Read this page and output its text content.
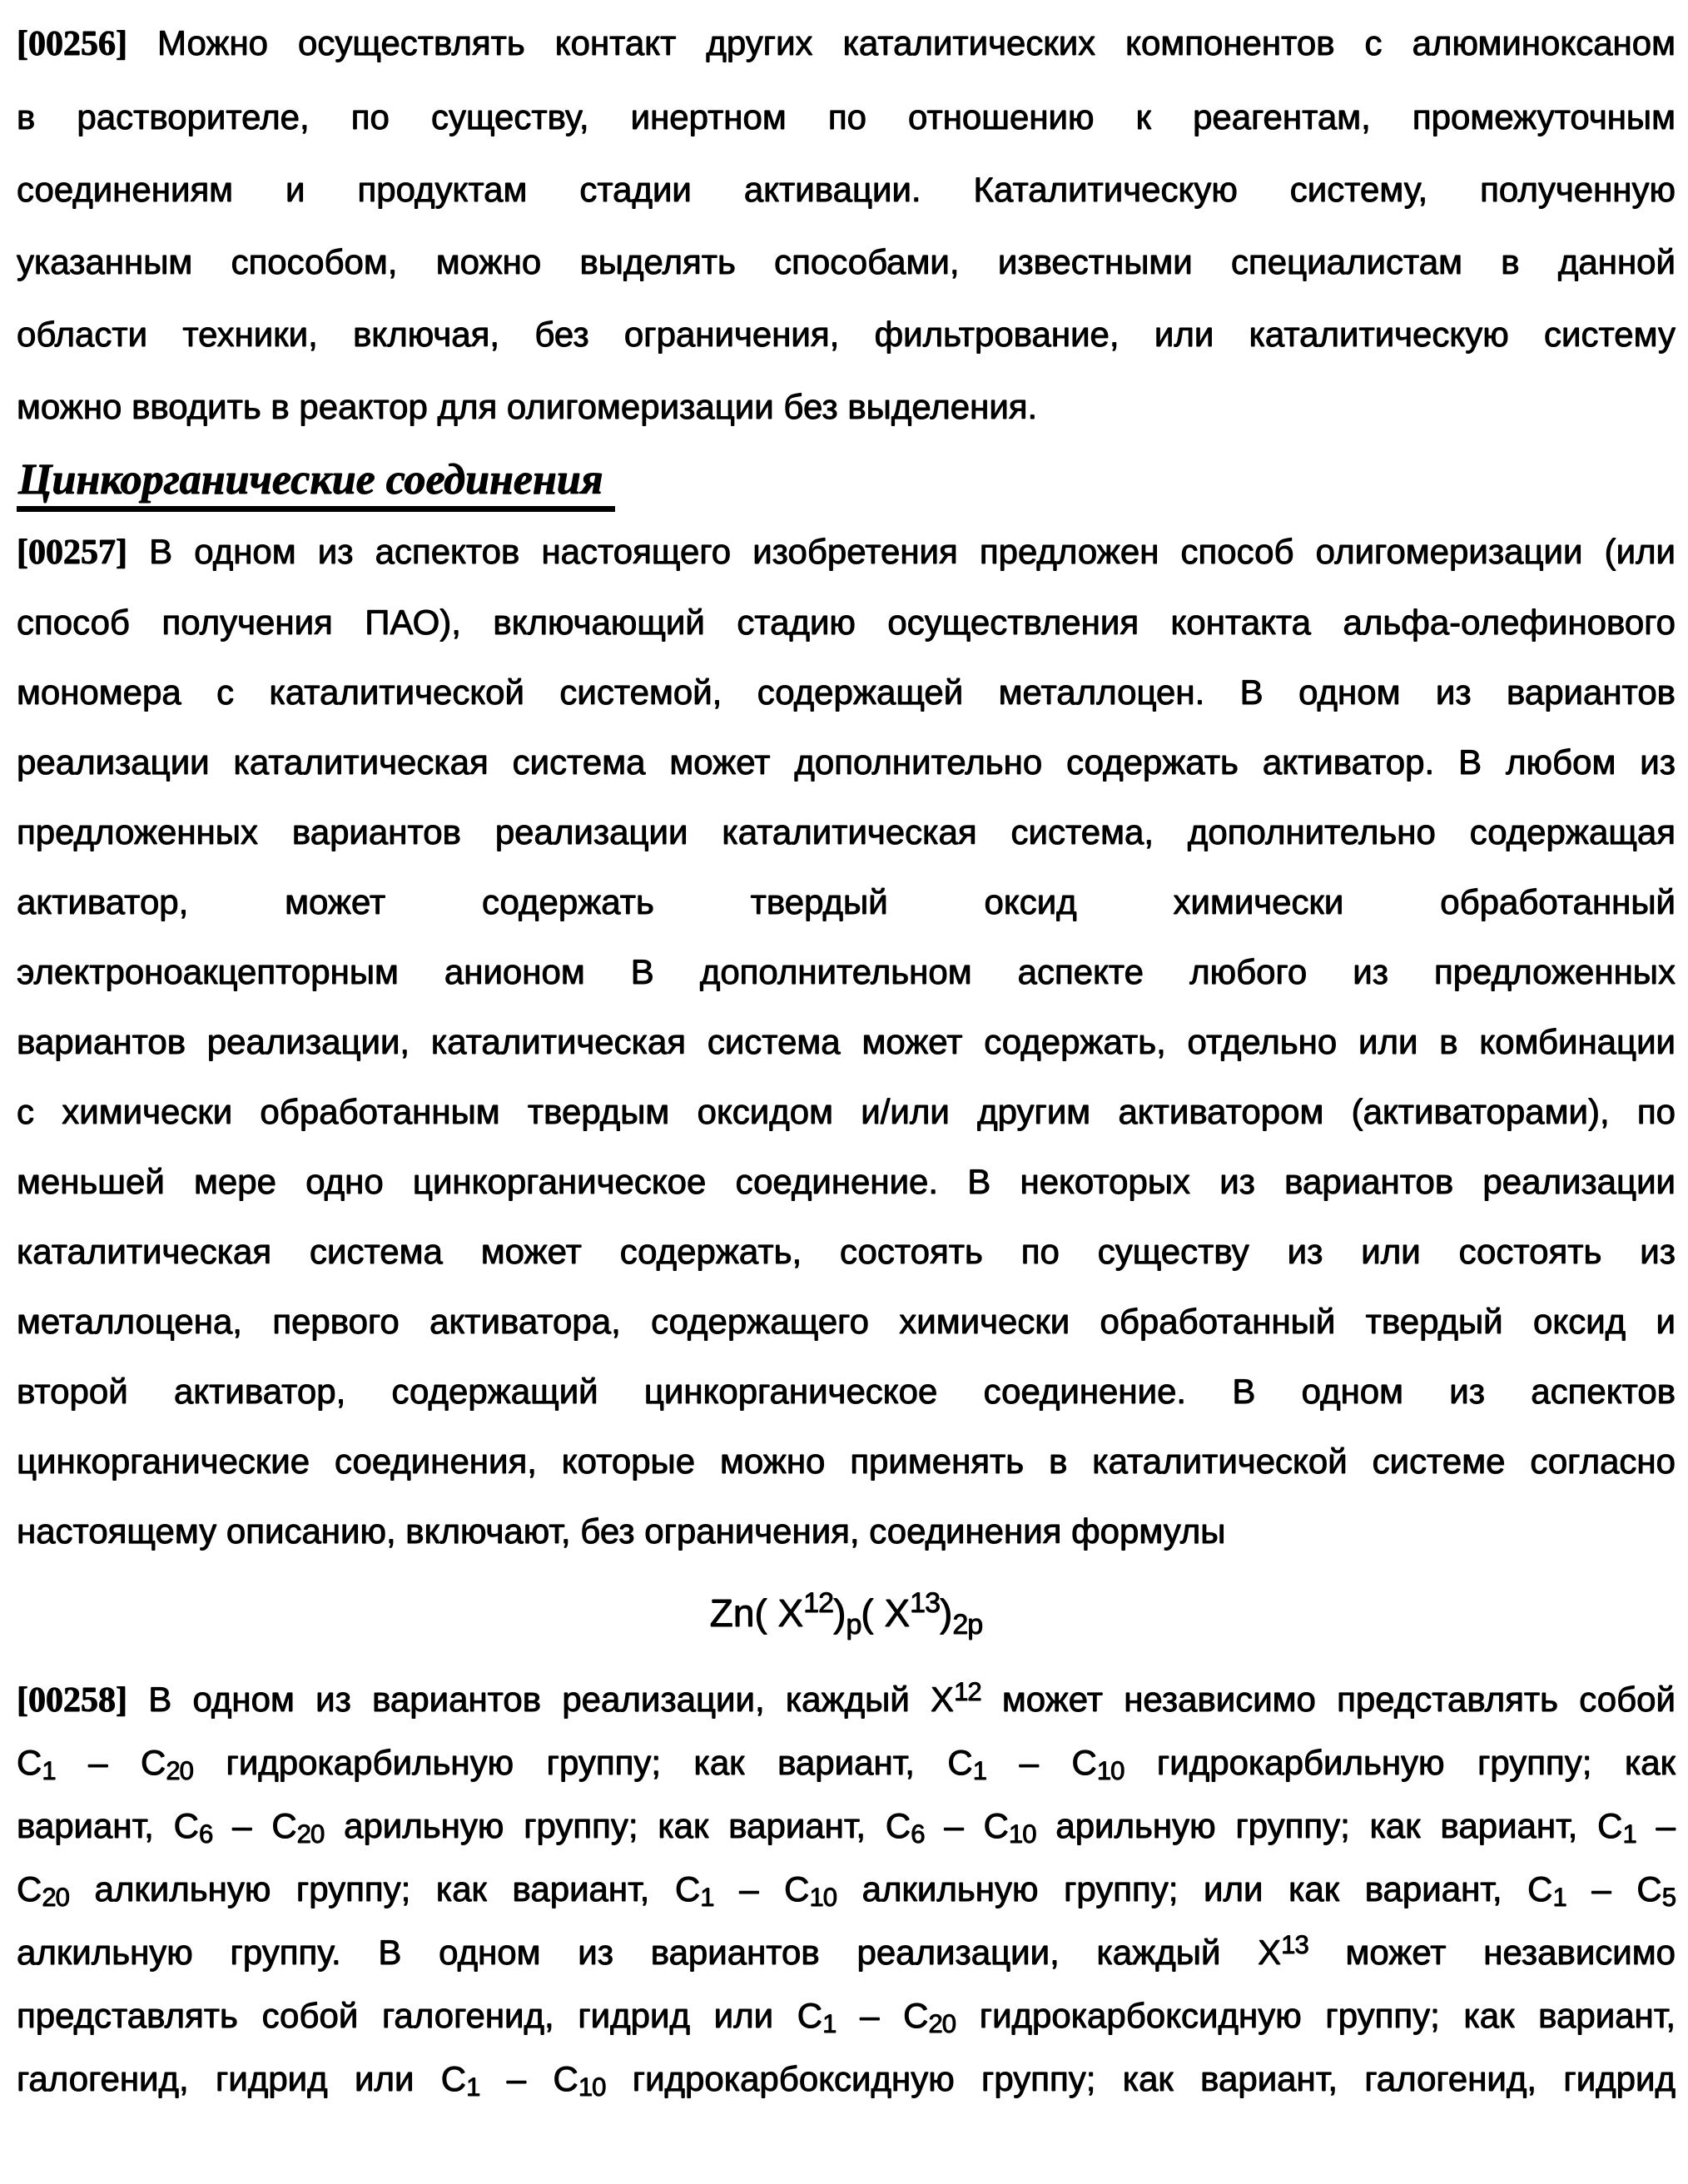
[00256] Можно осуществлять контакт других каталитических компонентов с алюминоксаном
в растворителе, по существу, инертном по отношению к реагентам, промежуточным
соединениям и продуктам стадии активации. Каталитическую систему, полученную
указанным способом, можно выделять способами, известными специалистам в данной
области техники, включая, без ограничения, фильтрование, или каталитическую систему
можно вводить в реактор для олигомеризации без выделения.
Цинкорганические соединения
[00257] В одном из аспектов настоящего изобретения предложен способ олигомеризации (или
способ получения ПАО), включающий стадию осуществления контакта альфа-олефинового
мономера с каталитической системой, содержащей металлоцен. В одном из вариантов
реализации каталитическая система может дополнительно содержать активатор. В любом из
предложенных вариантов реализации каталитическая система, дополнительно содержащая
активатор, может содержать твердый оксид химически обработанный
электроноакцепторным анионом В дополнительном аспекте любого из предложенных
вариантов реализации, каталитическая система может содержать, отдельно или в комбинации
с химически обработанным твердым оксидом и/или другим активатором (активаторами), по
меньшей мере одно цинкорганическое соединение. В некоторых из вариантов реализации
каталитическая система может содержать, состоять по существу из или состоять из
металлоцена, первого активатора, содержащего химически обработанный твердый оксид и
второй активатор, содержащий цинкорганическое соединение. В одном из аспектов
цинкорганические соединения, которые можно применять в каталитической системе согласно
настоящему описанию, включают, без ограничения, соединения формулы
Zn( $X^{12})p$( $X^{13})2p$
[00258] В одном из вариантов реализации, каждый $X^{12}$ может независимо представлять собой
C1 – C20 гидрокарбильную группу; как вариант, C1 – C10 гидрокарбильную группу; как
вариант, C6 – C20 арильную группу; как вариант, C6 – C10 арильную группу; как вариант, C1 –
C20 алкильную группу; как вариант, C1 – C10 алкильную группу; или как вариант, C1 – C5
алкильную группу. В одном из вариантов реализации, каждый $X^{13}$ может независимо
представлять собой галогенид, гидрид или C1 – C20 гидрокарбоксидную группу; как вариант,
галогенид, гидрид или C1 – C10 гидрокарбоксидную группу; как вариант, галогенид, гидрид
